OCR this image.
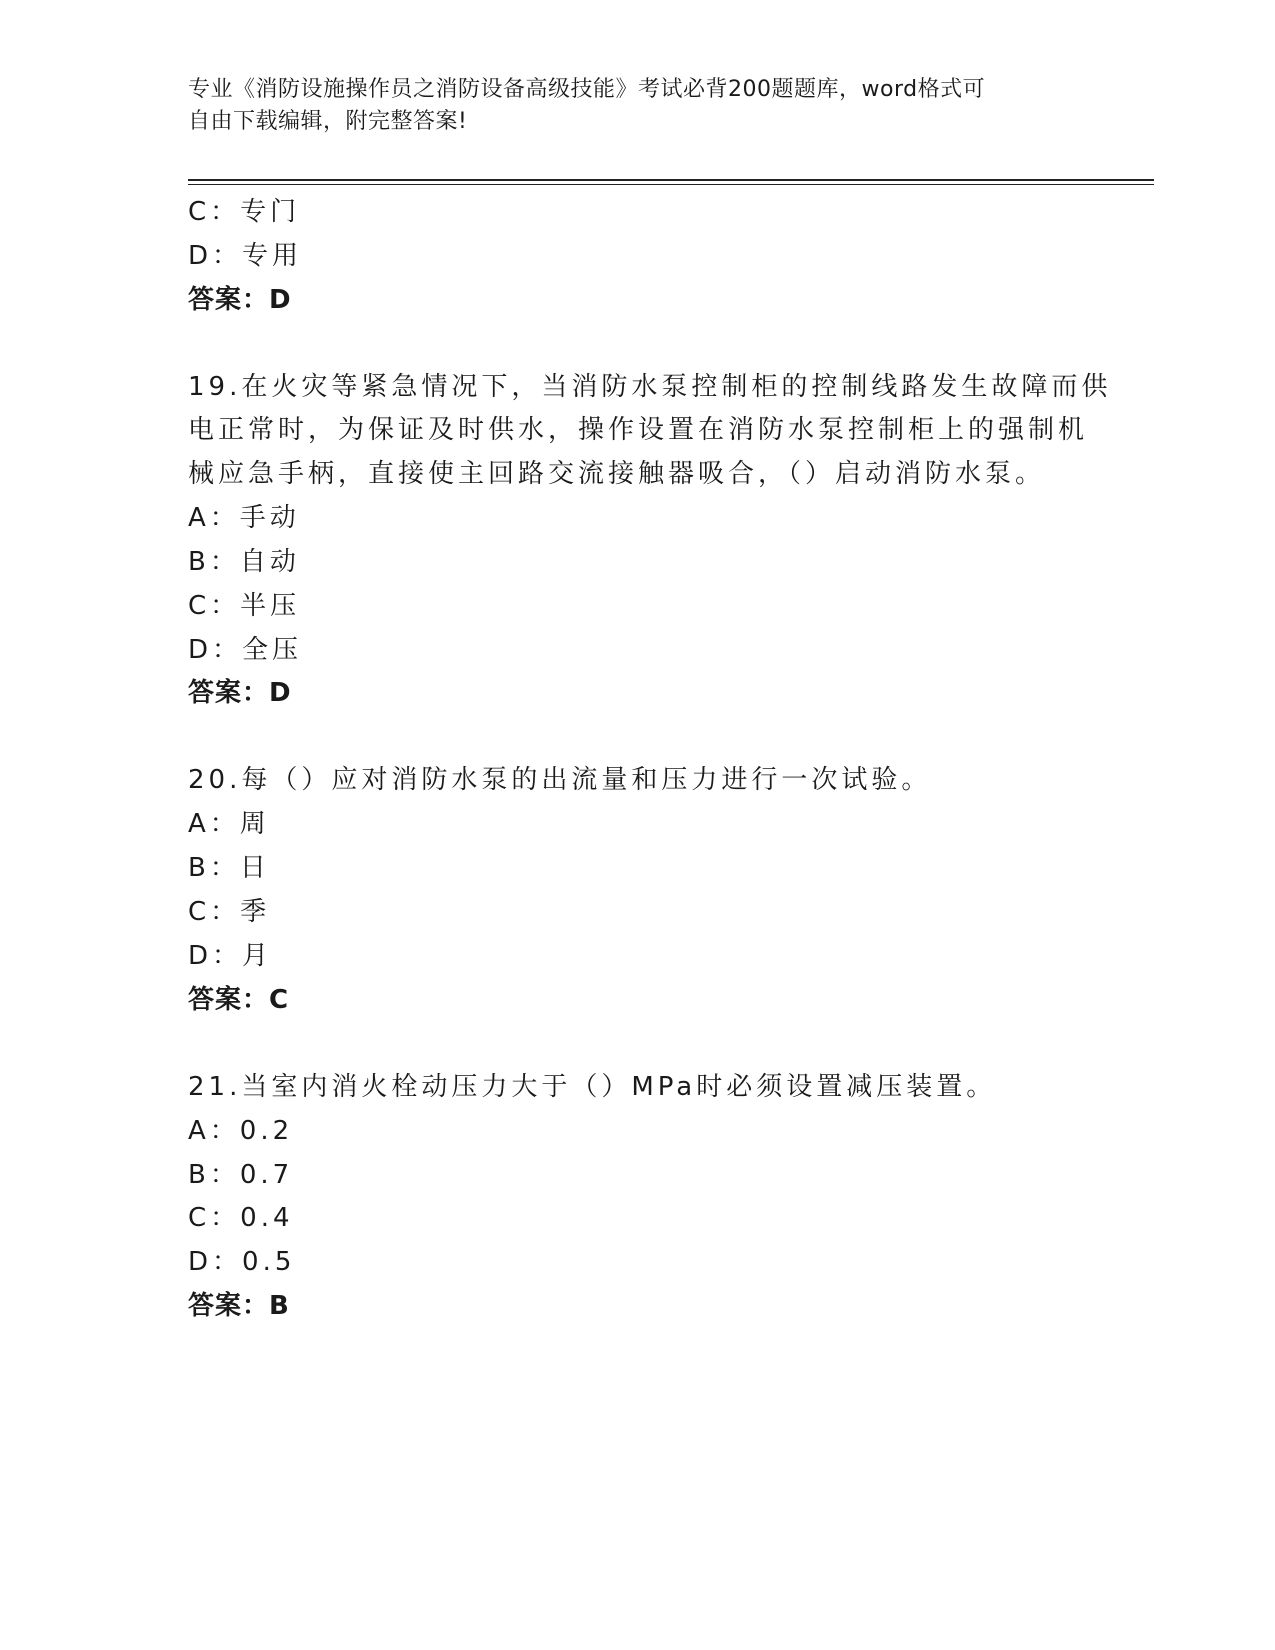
专业《消防设施操作员之消防设备高级技能》考试必背200题题库，word格式可
自由下载编辑，附完整答案!
C：专门
D：专用
答案：D
19.在火灾等紧急情况下，当消防水泵控制柜的控制线路发生故障而供
电正常时，为保证及时供水，操作设置在消防水泵控制柜上的强制机
械应急手柄，直接使主回路交流接触器吸合，（）启动消防水泵。
A：手动
B：自动
C：半压
D：全压
答案：D
20.每（）应对消防水泵的出流量和压力进行一次试验。
A：周
B：日
C：季
D：月
答案：C
21.当室内消火栓动压力大于（）MPa时必须设置减压装置。
A：0.2
B：0.7
C：0.4
D：0.5
答案：B
